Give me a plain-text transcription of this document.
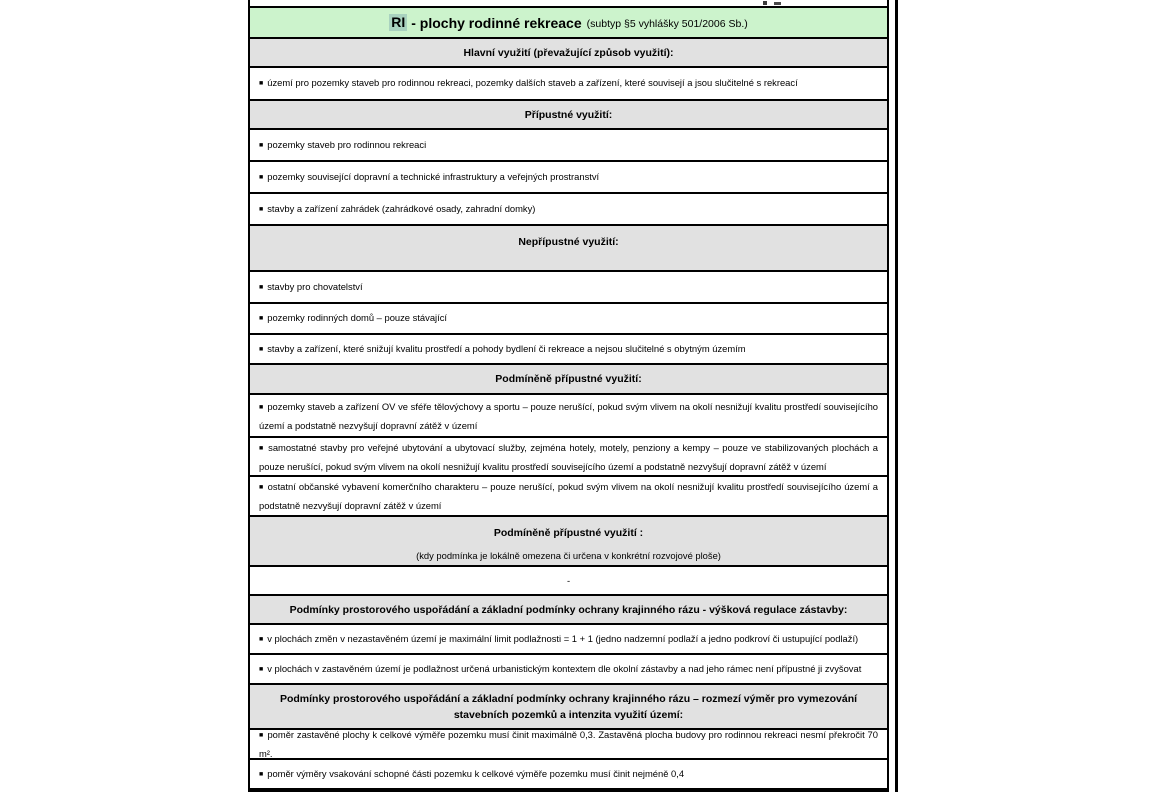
RI - plochy rodinné rekreace (subtyp §5 vyhlášky 501/2006 Sb.)
Hlavní využití (převažující způsob využití):

■ území pro pozemky staveb pro rodinnou rekreaci, pozemky dalších staveb a zařízení, které souvisejí a jsou slučitelné s rekreací

Přípustné využití:

■ pozemky staveb pro rodinnou rekreaci

■ pozemky související dopravní a technické infrastruktury a veřejných prostranství

■ stavby a zařízení zahrádek (zahrádkové osady, zahradní domky)

Nepřípustné využití:

■ stavby pro chovatelství

■ pozemky rodinných domů – pouze stávající

■ stavby a zařízení, které snižují kvalitu prostředí a pohody bydlení či rekreace a nejsou slučitelné s obytným územím

Podmíněně přípustné využití:

■ pozemky staveb a zařízení OV ve sféře tělovýchovy a sportu – pouze nerušící, pokud svým vlivem na okolí nesnižují kvalitu prostředí souvisejícího území a podstatně nezvyšují dopravní zátěž v území

■ samostatné stavby pro veřejné ubytování a ubytovací služby, zejména hotely, motely, penziony a kempy – pouze ve stabilizovaných plochách a pouze nerušící, pokud svým vlivem na okolí nesnižují kvalitu prostředí souvisejícího území a podstatně nezvyšují dopravní zátěž v území

■ ostatní občanské vybavení komerčního charakteru – pouze nerušící, pokud svým vlivem na okolí nesnižují kvalitu prostředí souvisejícího území a podstatně nezvyšují dopravní zátěž v území

Podmíněně přípustné využití :
(kdy podmínka je lokálně omezena či určena v konkrétní rozvojové ploše)
-
Podmínky prostorového uspořádání a základní podmínky ochrany krajinného rázu - výšková regulace zástavby:

■ v plochách změn v nezastavěném území je maximální limit podlažnosti = 1 + 1 (jedno nadzemní podlaží a jedno podkroví či ustupující podlaží)

■ v plochách v zastavěném území je podlažnost určená urbanistickým kontextem dle okolní zástavby a nad jeho rámec není přípustné ji zvyšovat

Podmínky prostorového uspořádání a základní podmínky ochrany krajinného rázu – rozmezí výměr pro vymezování stavebních pozemků a intenzita využití území:

■ poměr zastavěné plochy k celkové výměře pozemku musí činit maximálně 0,3. Zastavěná plocha budovy pro rodinnou rekreaci nesmí překročit 70 m².

■ poměr výměry vsakování schopné části pozemku k celkové výměře pozemku musí činit nejméně 0,4
